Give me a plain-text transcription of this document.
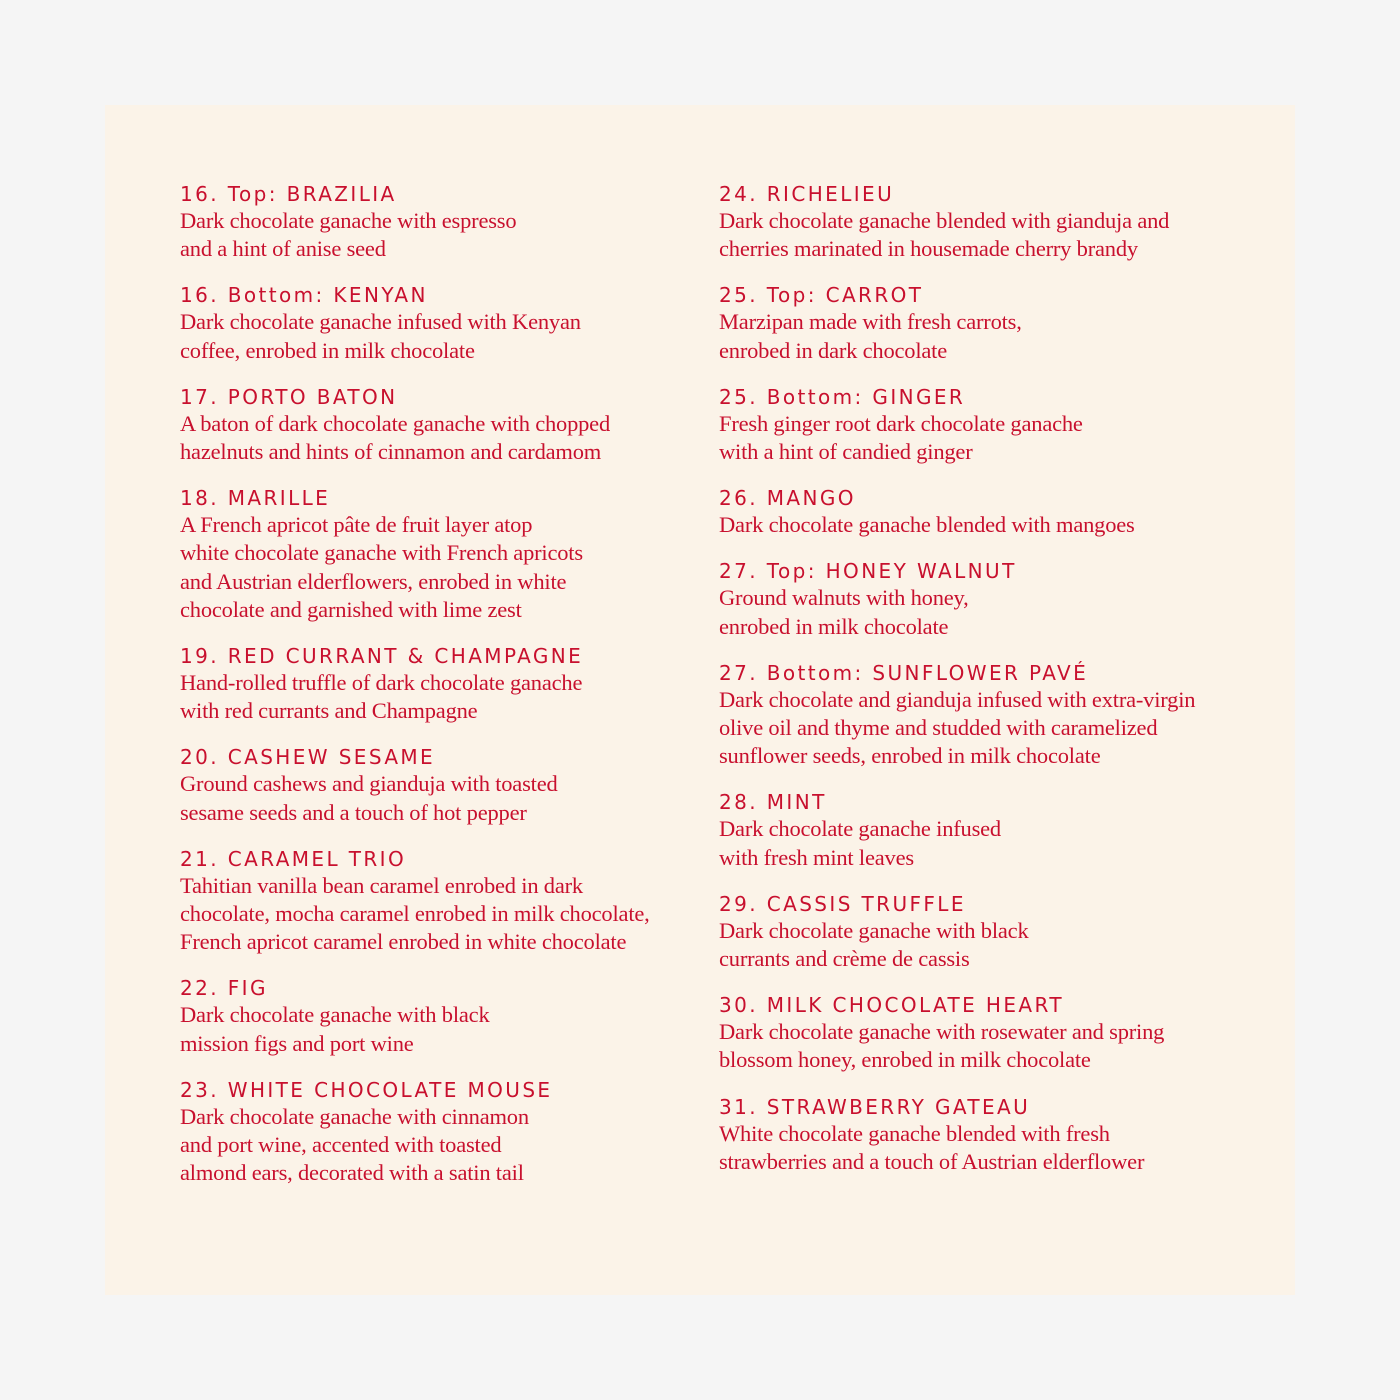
16. Top: BRAZILIA
Dark chocolate ganache with espresso
and a hint of anise seed
16. Bottom: KENYAN
Dark chocolate ganache infused with Kenyan
coffee, enrobed in milk chocolate
17. PORTO BATON
A baton of dark chocolate ganache with chopped
hazelnuts and hints of cinnamon and cardamom
18. MARILLE
A French apricot pâte de fruit layer atop
white chocolate ganache with French apricots
and Austrian elderflowers, enrobed in white
chocolate and garnished with lime zest
19. RED CURRANT & CHAMPAGNE
Hand-rolled truffle of dark chocolate ganache
with red currants and Champagne
20. CASHEW SESAME
Ground cashews and gianduja with toasted
sesame seeds and a touch of hot pepper
21. CARAMEL TRIO
Tahitian vanilla bean caramel enrobed in dark
chocolate, mocha caramel enrobed in milk chocolate,
French apricot caramel enrobed in white chocolate
22. FIG
Dark chocolate ganache with black
mission figs and port wine
23. WHITE CHOCOLATE MOUSE
Dark chocolate ganache with cinnamon
and port wine, accented with toasted
almond ears, decorated with a satin tail
24. RICHELIEU
Dark chocolate ganache blended with gianduja and
cherries marinated in housemade cherry brandy
25. Top: CARROT
Marzipan made with fresh carrots,
enrobed in dark chocolate
25. Bottom: GINGER
Fresh ginger root dark chocolate ganache
with a hint of candied ginger
26. MANGO
Dark chocolate ganache blended with mangoes
27. Top: HONEY WALNUT
Ground walnuts with honey,
enrobed in milk chocolate
27. Bottom: SUNFLOWER PAVÉ
Dark chocolate and gianduja infused with extra-virgin
olive oil and thyme and studded with caramelized
sunflower seeds, enrobed in milk chocolate
28. MINT
Dark chocolate ganache infused
with fresh mint leaves
29. CASSIS TRUFFLE
Dark chocolate ganache with black
currants and crème de cassis
30. MILK CHOCOLATE HEART
Dark chocolate ganache with rosewater and spring
blossom honey, enrobed in milk chocolate
31. STRAWBERRY GATEAU
White chocolate ganache blended with fresh
strawberries and a touch of Austrian elderflower
